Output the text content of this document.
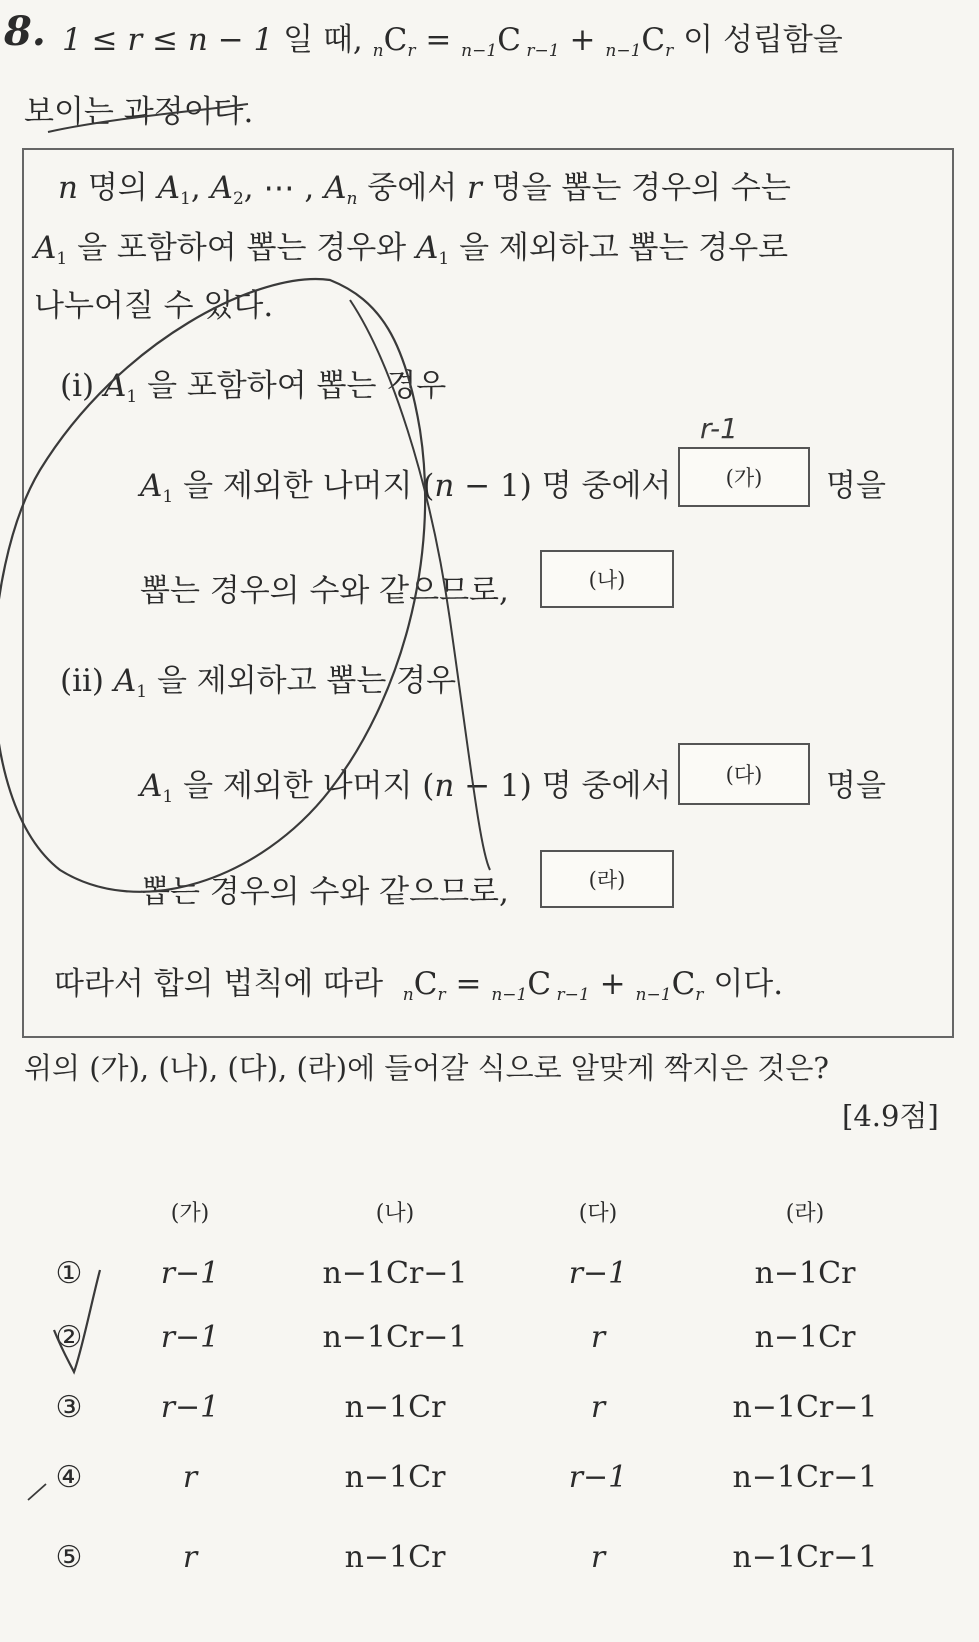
8. 1 ≤ r ≤ n − 1 일 때, nCr = n−1C r−1 + n−1Cr 이 성립함을
보이는 과정이다.
n 명의 $A_1$, $A_2$, ⋯ , $A_n$ 중에서 r 명을 뽑는 경우의 수는
$A_1$ 을 포함하여 뽑는 경우와 $A_1$ 을 제외하고 뽑는 경우로
나누어질 수 있다.
(ⅰ) $A_1$ 을 포함하여 뽑는 경우
$A_1$ 을 제외한 나머지 (n − 1) 명 중에서	(가)	명을
뽑는 경우의 수와 같으므로,	(나)
(ⅱ) $A_1$ 을 제외하고 뽑는 경우
$A_1$ 을 제외한 나머지 (n − 1) 명 중에서	(다)	명을
뽑는 경우의 수와 같으므로,	(라)
따라서 합의 법칙에 따라 nCr = n−1C r−1 + n−1Cr 이다.
위의 (가), (나), (다), (라)에 들어갈 식으로 알맞게 짝지은 것은?
[4.9점]
(가)	(나)	(다)	(라)
①	r−1	n−1Cr−1	r−1	n−1Cr
②	r−1	n−1Cr−1	r	n−1Cr
③	r−1	n−1Cr	r	n−1Cr−1
④	r	n−1Cr	r−1	n−1Cr−1
⑤	r	n−1Cr	r	n−1Cr−1
r-1
